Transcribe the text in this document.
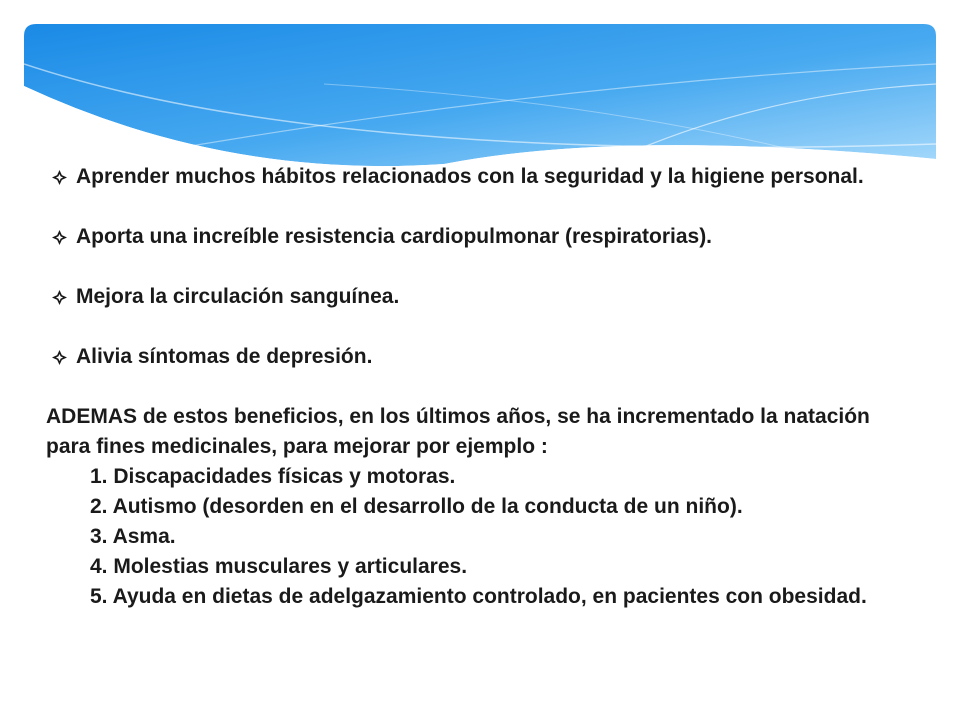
Aprender muchos hábitos relacionados con la seguridad y la higiene personal.
Aporta una increíble resistencia cardiopulmonar (respiratorias).
Mejora la circulación sanguínea.
Alivia síntomas de depresión.

ADEMAS de estos beneficios, en los últimos años, se ha incrementado la natación para fines medicinales, para mejorar por ejemplo :

1. Discapacidades físicas y motoras.
2. Autismo (desorden en el desarrollo de la conducta de un niño).
3. Asma.
4. Molestias musculares y articulares.
5. Ayuda en dietas de adelgazamiento controlado, en pacientes con obesidad.
